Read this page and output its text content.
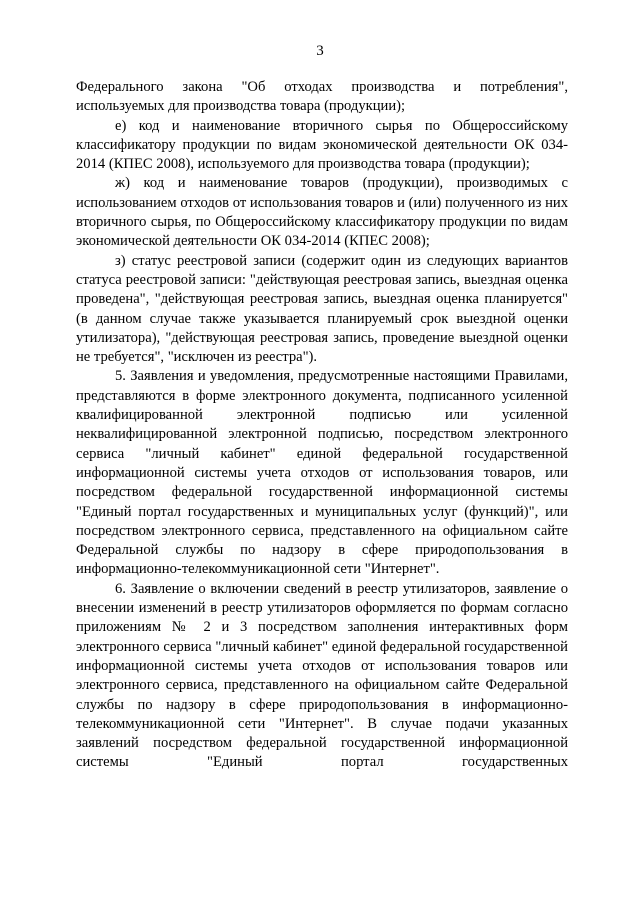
3

Федерального закона "Об отходах производства и потребления", используемых для производства товара (продукции);

е) код и наименование вторичного сырья по Общероссийскому классификатору продукции по видам экономической деятельности ОК 034-2014 (КПЕС 2008), используемого для производства товара (продукции);

ж) код и наименование товаров (продукции), производимых с использованием отходов от использования товаров и (или) полученного из них вторичного сырья, по Общероссийскому классификатору продукции по видам экономической деятельности ОК 034-2014 (КПЕС 2008);

з) статус реестровой записи (содержит один из следующих вариантов статуса реестровой записи: "действующая реестровая запись, выездная оценка проведена", "действующая реестровая запись, выездная оценка планируется" (в данном случае также указывается планируемый срок выездной оценки утилизатора), "действующая реестровая запись, проведение выездной оценки не требуется", "исключен из реестра").

5. Заявления и уведомления, предусмотренные настоящими Правилами, представляются в форме электронного документа, подписанного усиленной квалифицированной электронной подписью или усиленной неквалифицированной электронной подписью, посредством электронного сервиса "личный кабинет" единой федеральной государственной информационной системы учета отходов от использования товаров, или посредством федеральной государственной информационной системы "Единый портал государственных и муниципальных услуг (функций)", или посредством электронного сервиса, представленного на официальном сайте Федеральной службы по надзору в сфере природопользования в информационно-телекоммуникационной сети "Интернет".

6. Заявление о включении сведений в реестр утилизаторов, заявление о внесении изменений в реестр утилизаторов оформляется по формам согласно приложениям № 2 и 3 посредством заполнения интерактивных форм электронного сервиса "личный кабинет" единой федеральной государственной информационной системы учета отходов от использования товаров или электронного сервиса, представленного на официальном сайте Федеральной службы по надзору в сфере природопользования в информационно-телекоммуникационной сети "Интернет". В случае подачи указанных заявлений посредством федеральной государственной информационной системы "Единый портал государственных
